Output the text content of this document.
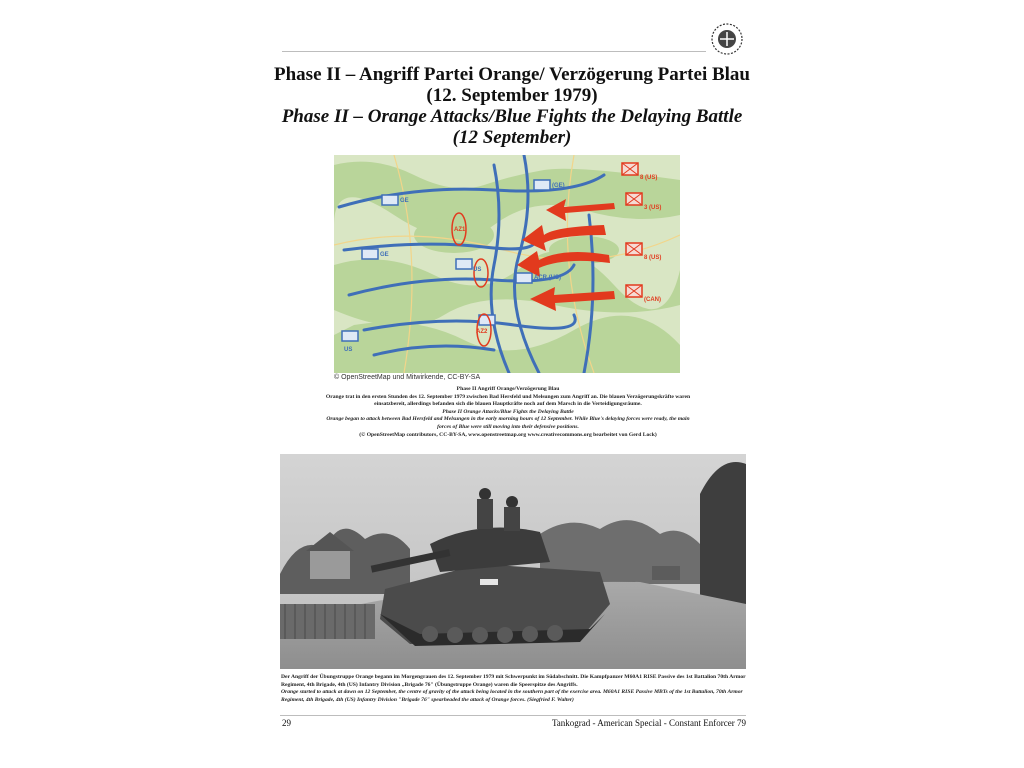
Phase II – Angriff Partei Orange/ Verzögerung Partei Blau

(12. September 1979)

Phase II – Orange Attacks/Blue Fights the Delaying Battle

(12 September)

AZ1
AZ2
US
US
ACR (US)
GE
GE
(GE)
8 (US)
3 (US)
8 (US)
(CAN)
© OpenStreetMap und Mitwirkende, CC-BY-SA
Phase II Angriff Orange/Verzögerung Blau
Orange trat in den ersten Stunden des 12. September 1979 zwischen Bad Hersfeld und Melsungen zum Angriff an. Die blauen Verzögerungskräfte waren einsatzbereit, allerdings befanden sich die blauen Hauptkräfte noch auf dem Marsch in die Verteidigungsräume.
Phase II Orange Attacks/Blue Fights the Delaying Battle
Orange began to attack between Bad Hersfeld and Melsungen in the early morning hours of 12 September. While Blue's delaying forces were ready, the main forces of Blue were still moving into their defensive positions.
(© OpenStreetMap contributors, CC-BY-SA, www.openstreetmap.org www.creativecommons.org bearbeitet von Gerd Lock)
Der Angriff der Übungstruppe Orange begann im Morgengrauen des 12. September 1979 mit Schwerpunkt im Südabschnitt. Die Kampfpanzer M60A1 RISE Passive des 1st Battalion 70th Armor Regiment, 4th Brigade, 4th (US) Infantry Division „Brigade 76" (Übungstruppe Orange) waren die Speerspitze des Angriffs.
Orange started to attack at dawn on 12 September, the centre of gravity of the attack being located in the southern part of the exercise area. M60A1 RISE Passive MBTs of the 1st Battalion, 70th Armor Regiment, 4th Brigade, 4th (US) Infantry Division "Brigade 76" spearheaded the attack of Orange forces. (Siegfried F. Walter)
29	Tankograd - American Special - Constant Enforcer 79
